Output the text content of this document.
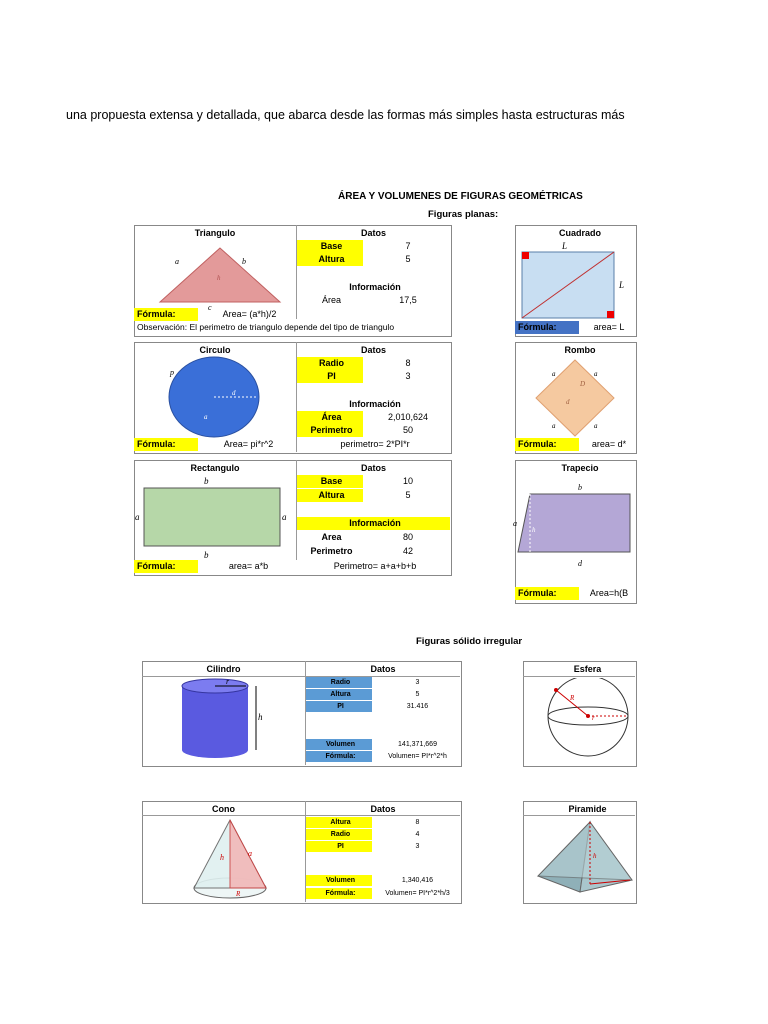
una propuesta extensa y detallada, que abarca desde las formas más simples hasta estructuras más
ÁREA Y VOLUMENES DE FIGURAS GEOMÉTRICAS
Figuras planas:
Triangulo	Datos
a	b
h
c
Base	7
Altura	5
Información
Área	17,5
Fórmula:	Area= (a*h)/2
Observación: El perimetro de triangulo depende del tipo de triangulo
Cuadrado
L
L
Fórmula:	area= L
Circulo	Datos
p
d
a
Radio	8
PI	3
Información
Área	2,010,624
Perimetro	50
Fórmula:	Area= pi*r^2	perimetro= 2*PI*r
Rombo
a	a
a	a
D
d
Fórmula:	area= d*
Rectangulo	Datos
b
b
a	a
Base	10
Altura	5
Información
Area	80
Perimetro	42
Fórmula:	area= a*b	Perimetro= a+a+b+b
Trapecio
b
d
a
h
Fórmula:	Area=h(B
Figuras sólido irregular
Cilindro	Datos
r
h
Radio	3
Altura	5
PI	31.416
Volumen	141,371,669
Fórmula:	Volumen= PI*r^2*h
Esfera
R
r
Cono	Datos
h	a
R
Altura	8
Radio	4
PI	3
Volumen	1,340,416
Fórmula:	Volumen= PI*r^2*h/3
Piramide
h
